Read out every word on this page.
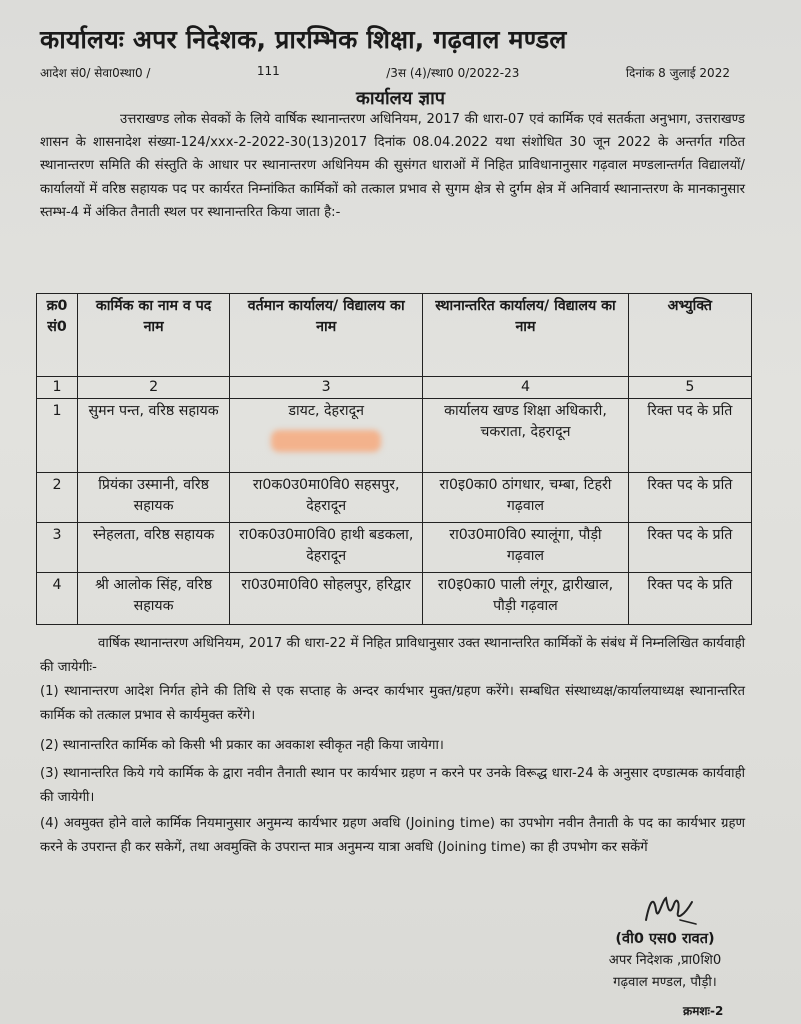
कार्यालयः अपर निदेशक, प्रारम्भिक शिक्षा, गढ़वाल मण्डल
आदेश सं0/ सेवा0स्था0 /	111	/3स (4)/स्था0 0/2022-23	दिनांक 8 जुलाई 2022
कार्यालय ज्ञाप
उत्तराखण्ड लोक सेवकों के लिये वार्षिक स्थानान्तरण अधिनियम, 2017 की धारा-07 एवं कार्मिक एवं सतर्कता अनुभाग, उत्तराखण्ड शासन के शासनादेश संख्या-124/xxx-2-2022-30(13)2017 दिनांक 08.04.2022 यथा संशोधित 30 जून 2022 के अन्तर्गत गठित स्थानान्तरण समिति की संस्तुति के आधार पर स्थानान्तरण अधिनियम की सुसंगत धाराओं में निहित प्राविधानानुसार गढ़वाल मण्डलान्तर्गत विद्यालयों/कार्यालयों में वरिष्ठ सहायक पद पर कार्यरत निम्नांकित कार्मिकों को तत्काल प्रभाव से सुगम क्षेत्र से दुर्गम क्षेत्र में अनिवार्य स्थानान्तरण के मानकानुसार स्तम्भ-4 में अंकित तैनाती स्थल पर स्थानान्तरित किया जाता है:-
क्र0 सं0	कार्मिक का नाम व पद नाम	वर्तमान कार्यालय/ विद्यालय का नाम	स्थानान्तरित कार्यालय/ विद्यालय का नाम	अभ्युक्ति
1	2	3	4	5
1	सुमन पन्त, वरिष्ठ सहायक	डायट, देहरादून	कार्यालय खण्ड शिक्षा अधिकारी, चकराता, देहरादून	रिक्त पद के प्रति
2	प्रियंका उस्मानी, वरिष्ठ सहायक	रा0क0उ0मा0वि0 सहसपुर, देहरादून	रा0इ0का0 ठांगधार, चम्बा, टिहरी गढ़वाल	रिक्त पद के प्रति
3	स्नेहलता, वरिष्ठ सहायक	रा0क0उ0मा0वि0 हाथी बडकला, देहरादून	रा0उ0मा0वि0 स्यालूंगा, पौड़ी गढ़वाल	रिक्त पद के प्रति
4	श्री आलोक सिंह, वरिष्ठ सहायक	रा0उ0मा0वि0 सोहलपुर, हरिद्वार	रा0इ0का0 पाली लंगूर, द्वारीखाल, पौड़ी गढ़वाल	रिक्त पद के प्रति
वार्षिक स्थानान्तरण अधिनियम, 2017 की धारा-22 में निहित प्राविधानुसार उक्त स्थानान्तरित कार्मिकों के संबंध में निम्नलिखित कार्यवाही की जायेगीः-
(1) स्थानान्तरण आदेश निर्गत होने की तिथि से एक सप्ताह के अन्दर कार्यभार मुक्त/ग्रहण करेंगे। सम्बधित संस्थाध्यक्ष/कार्यालयाध्यक्ष स्थानान्तरित कार्मिक को तत्काल प्रभाव से कार्यमुक्त करेंगे।
(2) स्थानान्तरित कार्मिक को किसी भी प्रकार का अवकाश स्वीकृत नही किया जायेगा।
(3) स्थानान्तरित किये गये कार्मिक के द्वारा नवीन तैनाती स्थान पर कार्यभार ग्रहण न करने पर उनके विरूद्ध धारा-24 के अनुसार दण्डात्मक कार्यवाही की जायेगी।
(4) अवमुक्त होने वाले कार्मिक नियमानुसार अनुमन्य कार्यभार ग्रहण अवधि (Joining time) का उपभोग नवीन तैनाती के पद का कार्यभार ग्रहण करने के उपरान्त ही कर सकेगें, तथा अवमुक्ति के उपरान्त मात्र अनुमन्य यात्रा अवधि (Joining time) का ही उपभोग कर सकेंगें
(वी0 एस0 रावत)
अपर निदेशक ,प्रा0शि0
गढ़वाल मण्डल, पौड़ी।
क्रमशः-2
